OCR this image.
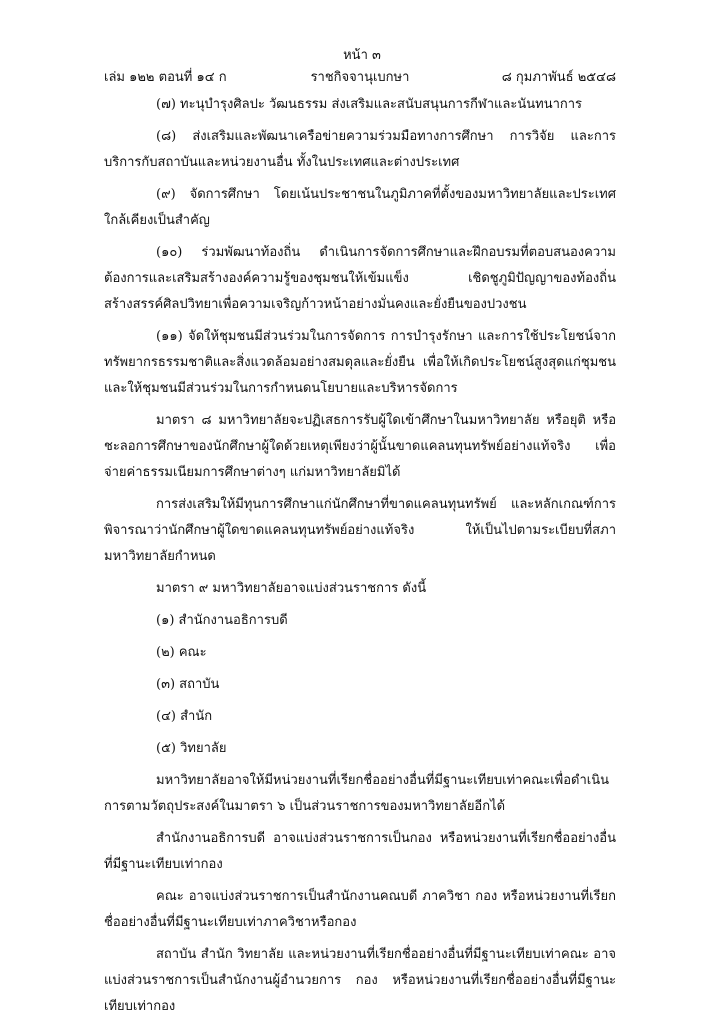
หน้า ๓
เล่ม ๑๒๒ ตอนที่ ๑๔ ก	ราชกิจจานุเบกษา	๘ กุมภาพันธ์ ๒๕๔๘

(๗) ทะนุบำรุงศิลปะ วัฒนธรรม ส่งเสริมและสนับสนุนการกีฬาและนันทนาการ

(๘) ส่งเสริมและพัฒนาเครือข่ายความร่วมมือทางการศึกษา การวิจัย และการบริการกับสถาบันและหน่วยงานอื่น ทั้งในประเทศและต่างประเทศ

(๙) จัดการศึกษา โดยเน้นประชาชนในภูมิภาคที่ตั้งของมหาวิทยาลัยและประเทศใกล้เคียงเป็นสำคัญ

(๑๐) ร่วมพัฒนาท้องถิ่น ดำเนินการจัดการศึกษาและฝึกอบรมที่ตอบสนองความต้องการและเสริมสร้างองค์ความรู้ของชุมชนให้เข้มแข็ง เชิดชูภูมิปัญญาของท้องถิ่น สร้างสรรค์ศิลปวิทยาเพื่อความเจริญก้าวหน้าอย่างมั่นคงและยั่งยืนของปวงชน

(๑๑) จัดให้ชุมชนมีส่วนร่วมในการจัดการ การบำรุงรักษา และการใช้ประโยชน์จากทรัพยากรธรรมชาติและสิ่งแวดล้อมอย่างสมดุลและยั่งยืน เพื่อให้เกิดประโยชน์สูงสุดแก่ชุมชนและให้ชุมชนมีส่วนร่วมในการกำหนดนโยบายและบริหารจัดการ

มาตรา ๘ มหาวิทยาลัยจะปฏิเสธการรับผู้ใดเข้าศึกษาในมหาวิทยาลัย หรือยุติ หรือชะลอการศึกษาของนักศึกษาผู้ใดด้วยเหตุเพียงว่าผู้นั้นขาดแคลนทุนทรัพย์อย่างแท้จริง เพื่อจ่ายค่าธรรมเนียมการศึกษาต่างๆ แก่มหาวิทยาลัยมิได้

การส่งเสริมให้มีทุนการศึกษาแก่นักศึกษาที่ขาดแคลนทุนทรัพย์ และหลักเกณฑ์การพิจารณาว่านักศึกษาผู้ใดขาดแคลนทุนทรัพย์อย่างแท้จริง ให้เป็นไปตามระเบียบที่สภามหาวิทยาลัยกำหนด

มาตรา ๙ มหาวิทยาลัยอาจแบ่งส่วนราชการ ดังนี้

(๑) สำนักงานอธิการบดี

(๒) คณะ

(๓) สถาบัน

(๔) สำนัก

(๕) วิทยาลัย

มหาวิทยาลัยอาจให้มีหน่วยงานที่เรียกชื่ออย่างอื่นที่มีฐานะเทียบเท่าคณะเพื่อดำเนินการตามวัตถุประสงค์ในมาตรา ๖ เป็นส่วนราชการของมหาวิทยาลัยอีกได้

สำนักงานอธิการบดี อาจแบ่งส่วนราชการเป็นกอง หรือหน่วยงานที่เรียกชื่ออย่างอื่นที่มีฐานะเทียบเท่ากอง

คณะ อาจแบ่งส่วนราชการเป็นสำนักงานคณบดี ภาควิชา กอง หรือหน่วยงานที่เรียกชื่ออย่างอื่นที่มีฐานะเทียบเท่าภาควิชาหรือกอง

สถาบัน สำนัก วิทยาลัย และหน่วยงานที่เรียกชื่ออย่างอื่นที่มีฐานะเทียบเท่าคณะ อาจแบ่งส่วนราชการเป็นสำนักงานผู้อำนวยการ กอง หรือหน่วยงานที่เรียกชื่ออย่างอื่นที่มีฐานะเทียบเท่ากอง
